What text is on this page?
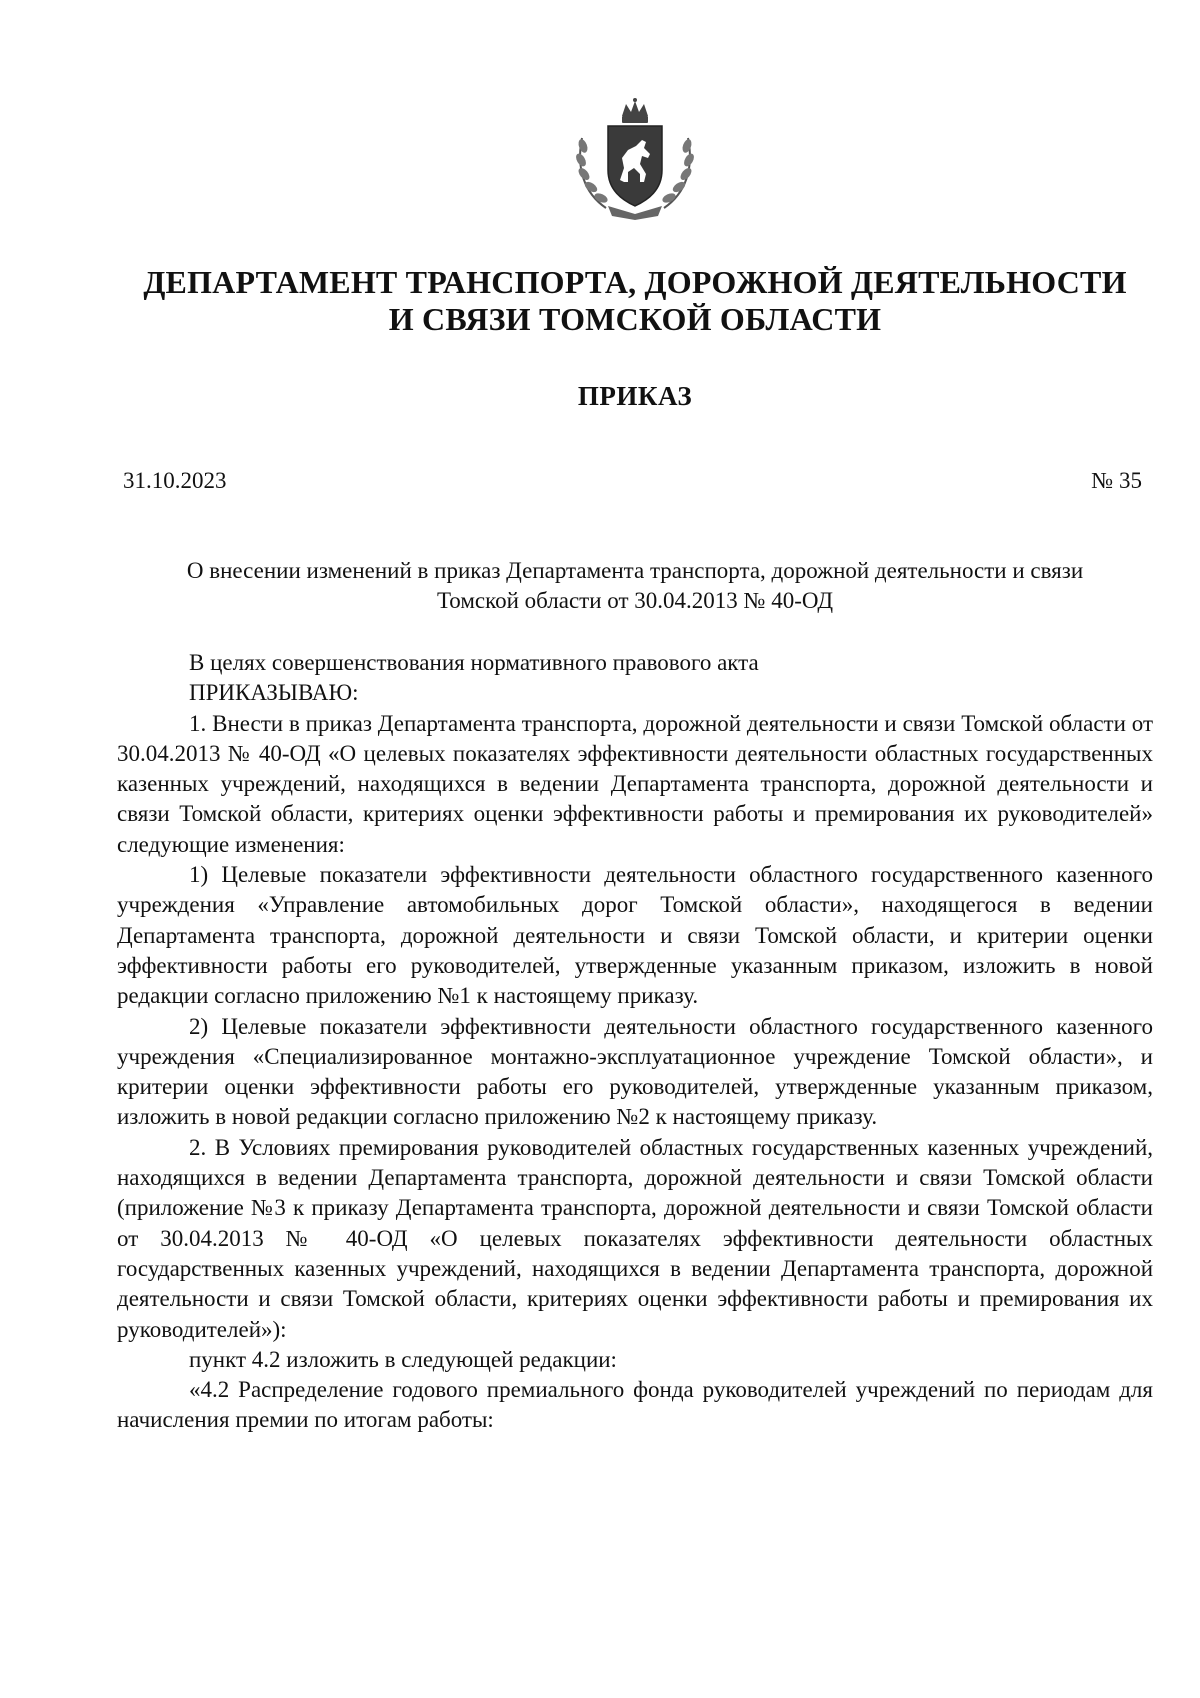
ДЕПАРТАМЕНТ ТРАНСПОРТА, ДОРОЖНОЙ ДЕЯТЕЛЬНОСТИ
И СВЯЗИ ТОМСКОЙ ОБЛАСТИ
ПРИКАЗ
31.10.2023	№ 35
О внесении изменений в приказ Департамента транспорта, дорожной деятельности и связи
Томской области от 30.04.2013 № 40-ОД

В целях совершенствования нормативного правового акта

ПРИКАЗЫВАЮ:

1. Внести в приказ Департамента транспорта, дорожной деятельности и связи Томской области от 30.04.2013 № 40-ОД «О целевых показателях эффективности деятельности областных государственных казенных учреждений, находящихся в ведении Департамента транспорта, дорожной деятельности и связи Томской области, критериях оценки эффективности работы и премирования их руководителей» следующие изменения:

1) Целевые показатели эффективности деятельности областного государственного казенного учреждения «Управление автомобильных дорог Томской области», находящегося в ведении Департамента транспорта, дорожной деятельности и связи Томской области, и критерии оценки эффективности работы его руководителей, утвержденные указанным приказом, изложить в новой редакции согласно приложению №1 к настоящему приказу.

2) Целевые показатели эффективности деятельности областного государственного казенного учреждения «Специализированное монтажно-эксплуатационное учреждение Томской области», и критерии оценки эффективности работы его руководителей, утвержденные указанным приказом, изложить в новой редакции согласно приложению №2 к настоящему приказу.

2. В Условиях премирования руководителей областных государственных казенных учреждений, находящихся в ведении Департамента транспорта, дорожной деятельности и связи Томской области (приложение №3 к приказу Департамента транспорта, дорожной деятельности и связи Томской области от 30.04.2013 № 40-ОД «О целевых показателях эффективности деятельности областных государственных казенных учреждений, находящихся в ведении Департамента транспорта, дорожной деятельности и связи Томской области, критериях оценки эффективности работы и премирования их руководителей»):

пункт 4.2 изложить в следующей редакции:

«4.2 Распределение годового премиального фонда руководителей учреждений по периодам для начисления премии по итогам работы:
